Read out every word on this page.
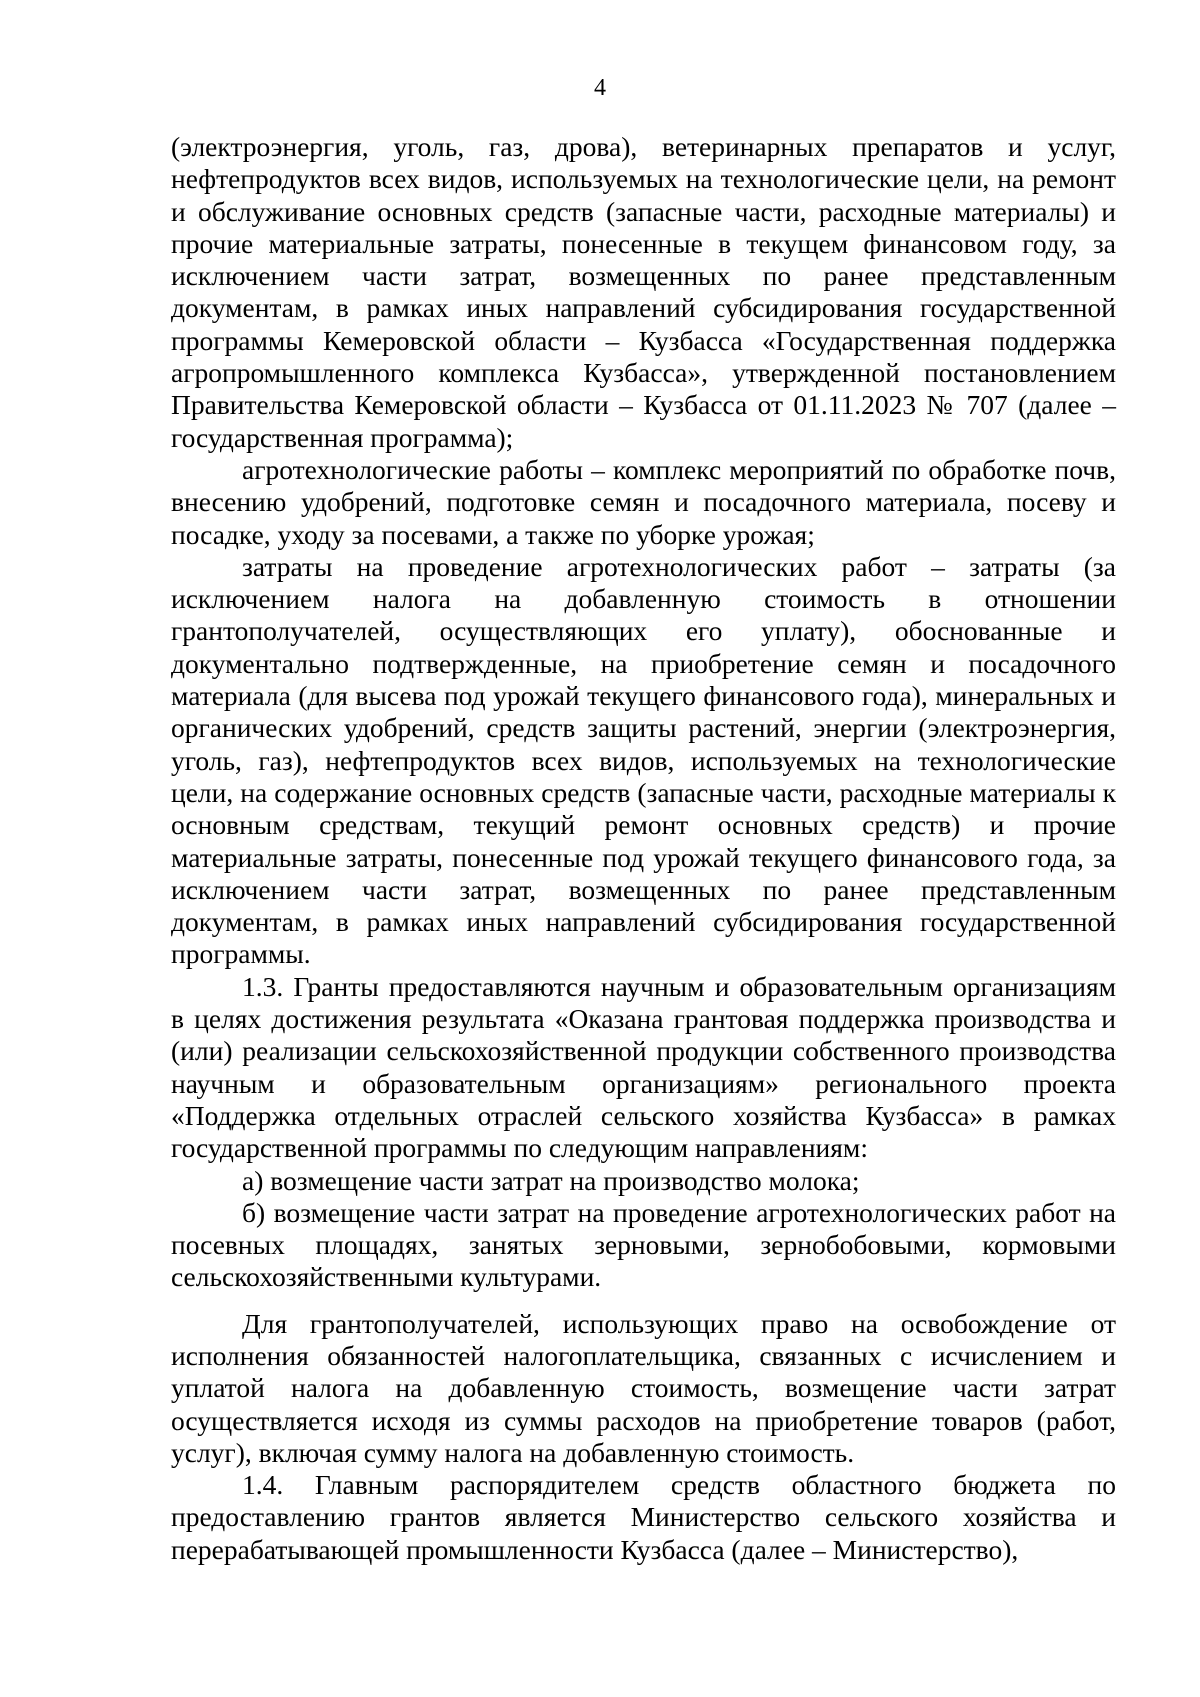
4

(электроэнергия, уголь, газ, дрова), ветеринарных препаратов и услуг, нефтепродуктов всех видов, используемых на технологические цели, на ремонт и обслуживание основных средств (запасные части, расходные материалы) и прочие материальные затраты, понесенные в текущем финансовом году, за исключением части затрат, возмещенных по ранее представленным документам, в рамках иных направлений субсидирования государственной программы Кемеровской области – Кузбасса «Государственная поддержка агропромышленного комплекса Кузбасса», утвержденной постановлением Правительства Кемеровской области – Кузбасса от 01.11.2023 № 707 (далее – государственная программа);

агротехнологические работы – комплекс мероприятий по обработке почв, внесению удобрений, подготовке семян и посадочного материала, посеву и посадке, уходу за посевами, а также по уборке урожая;

затраты на проведение агротехнологических работ – затраты (за исключением налога на добавленную стоимость в отношении грантополучателей, осуществляющих его уплату), обоснованные и документально подтвержденные, на приобретение семян и посадочного материала (для высева под урожай текущего финансового года), минеральных и органических удобрений, средств защиты растений, энергии (электроэнергия, уголь, газ), нефтепродуктов всех видов, используемых на технологические цели, на содержание основных средств (запасные части, расходные материалы к основным средствам, текущий ремонт основных средств) и прочие материальные затраты, понесенные под урожай текущего финансового года, за исключением части затрат, возмещенных по ранее представленным документам, в рамках иных направлений субсидирования государственной программы.

1.3. Гранты предоставляются научным и образовательным организациям в целях достижения результата «Оказана грантовая поддержка производства и (или) реализации сельскохозяйственной продукции собственного производства научным и образовательным организациям» регионального проекта «Поддержка отдельных отраслей сельского хозяйства Кузбасса» в рамках государственной программы по следующим направлениям:

а) возмещение части затрат на производство молока;

б) возмещение части затрат на проведение агротехнологических работ на посевных площадях, занятых зерновыми, зернобобовыми, кормовыми сельскохозяйственными культурами.

Для грантополучателей, использующих право на освобождение от исполнения обязанностей налогоплательщика, связанных с исчислением и уплатой налога на добавленную стоимость, возмещение части затрат осуществляется исходя из суммы расходов на приобретение товаров (работ, услуг), включая сумму налога на добавленную стоимость.

1.4. Главным распорядителем средств областного бюджета по предоставлению грантов является Министерство сельского хозяйства и перерабатывающей промышленности Кузбасса (далее – Министерство),
